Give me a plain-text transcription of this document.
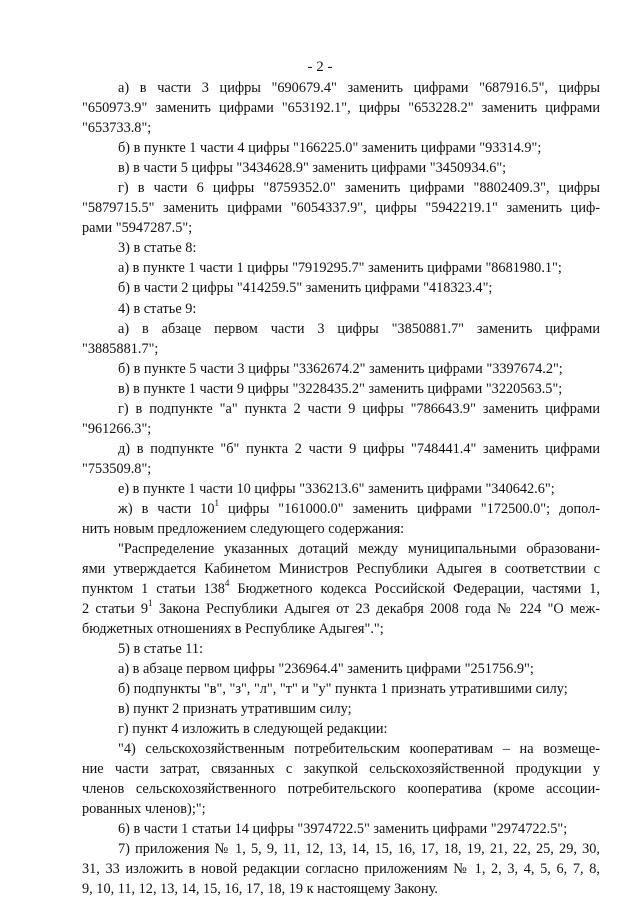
- 2 -
а) в части 3 цифры "690679.4" заменить цифрами "687916.5", цифры
"650973.9" заменить цифрами "653192.1", цифры "653228.2" заменить цифрами
"653733.8";
б) в пункте 1 части 4 цифры "166225.0" заменить цифрами "93314.9";
в) в части 5 цифры "3434628.9" заменить цифрами "3450934.6";
г) в части 6 цифры "8759352.0" заменить цифрами "8802409.3", цифры
"5879715.5" заменить цифрами "6054337.9", цифры "5942219.1" заменить циф-
рами "5947287.5";
3) в статье 8:
а) в пункте 1 части 1 цифры "7919295.7" заменить цифрами "8681980.1";
б) в части 2 цифры "414259.5" заменить цифрами "418323.4";
4) в статье 9:
а) в абзаце первом части 3 цифры "3850881.7" заменить цифрами
"3885881.7";
б) в пункте 5 части 3 цифры "3362674.2" заменить цифрами "3397674.2";
в) в пункте 1 части 9 цифры "3228435.2" заменить цифрами "3220563.5";
г) в подпункте "а" пункта 2 части 9 цифры "786643.9" заменить цифрами
"961266.3";
д) в подпункте "б" пункта 2 части 9 цифры "748441.4" заменить цифрами
"753509.8";
е) в пункте 1 части 10 цифры "336213.6" заменить цифрами "340642.6";
ж) в части $10^1$ цифры "161000.0" заменить цифрами "172500.0"; допол-
нить новым предложением следующего содержания:
"Распределение указанных дотаций между муниципальными образовани-
ями утверждается Кабинетом Министров Республики Адыгея в соответствии с
пунктом 1 статьи $138^4$ Бюджетного кодекса Российской Федерации, частями 1,
2 статьи $9^1$ Закона Республики Адыгея от 23 декабря 2008 года № 224 "О меж-
бюджетных отношениях в Республике Адыгея".";
5) в статье 11:
а) в абзаце первом цифры "236964.4" заменить цифрами "251756.9";
б) подпункты "в", "з", "л", "т" и "у" пункта 1 признать утратившими силу;
в) пункт 2 признать утратившим силу;
г) пункт 4 изложить в следующей редакции:
"4) сельскохозяйственным потребительским кооперативам – на возмеще-
ние части затрат, связанных с закупкой сельскохозяйственной продукции у
членов сельскохозяйственного потребительского кооператива (кроме ассоции-
рованных членов);";
6) в части 1 статьи 14 цифры "3974722.5" заменить цифрами "2974722.5";
7) приложения № 1, 5, 9, 11, 12, 13, 14, 15, 16, 17, 18, 19, 21, 22, 25, 29, 30,
31, 33 изложить в новой редакции согласно приложениям № 1, 2, 3, 4, 5, 6, 7, 8,
9, 10, 11, 12, 13, 14, 15, 16, 17, 18, 19 к настоящему Закону.
